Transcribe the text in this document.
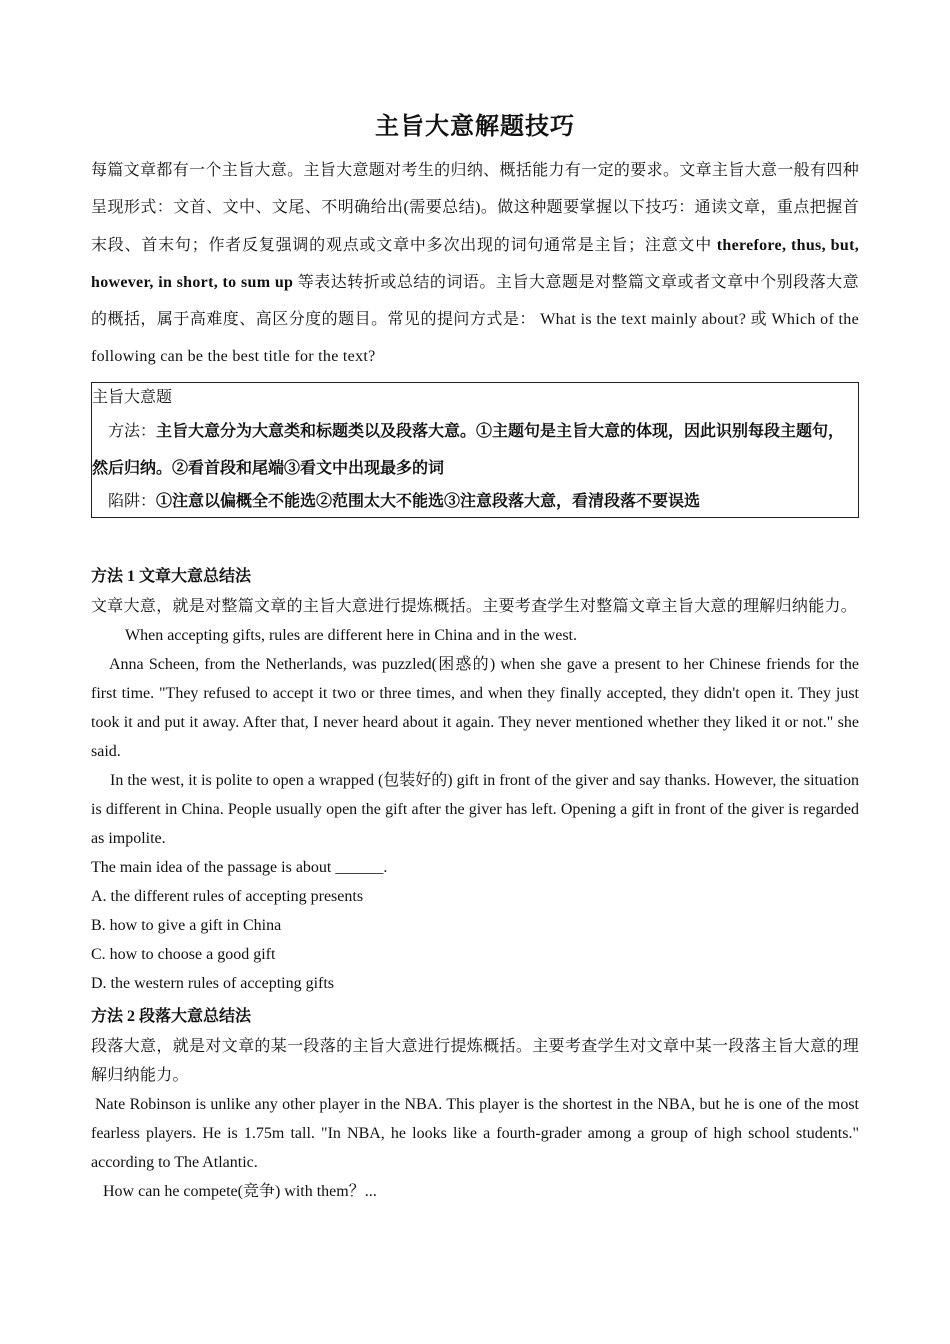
主旨大意解题技巧

每篇文章都有一个主旨大意。主旨大意题对考生的归纳、概括能力有一定的要求。文章主旨大意一般有四种呈现形式：文首、文中、文尾、不明确给出(需要总结)。做这种题要掌握以下技巧：通读文章，重点把握首末段、首末句；作者反复强调的观点或文章中多次出现的词句通常是主旨；注意文中 therefore, thus, but, however, in short, to sum up 等表达转折或总结的词语。主旨大意题是对整篇文章或者文章中个别段落大意的概括，属于高难度、高区分度的题目。常见的提问方式是： What is the text mainly about? 或 Which of the following can be the best title for the text?

主旨大意题
方法：主旨大意分为大意类和标题类以及段落大意。①主题句是主旨大意的体现，因此识别每段主题句，然后归纳。②看首段和尾端③看文中出现最多的词
陷阱：①注意以偏概全不能选②范围太大不能选③注意段落大意，看清段落不要误选
方法 1 文章大意总结法

文章大意，就是对整篇文章的主旨大意进行提炼概括。主要考查学生对整篇文章主旨大意的理解归纳能力。

When accepting gifts, rules are different here in China and in the west.

Anna Scheen, from the Netherlands, was puzzled(困惑的) when she gave a present to her Chinese friends for the first time. "They refused to accept it two or three times, and when they finally accepted, they didn't open it. They just took it and put it away. After that, I never heard about it again. They never mentioned whether they liked it or not." she said.

In the west, it is polite to open a wrapped (包装好的) gift in front of the giver and say thanks. However, the situation is different in China. People usually open the gift after the giver has left. Opening a gift in front of the giver is regarded as impolite.

The main idea of the passage is about ______.

A. the different rules of accepting presents

B. how to give a gift in China

C. how to choose a good gift

D. the western rules of accepting gifts

方法 2 段落大意总结法

段落大意，就是对文章的某一段落的主旨大意进行提炼概括。主要考查学生对文章中某一段落主旨大意的理解归纳能力。

Nate Robinson is unlike any other player in the NBA. This player is the shortest in the NBA, but he is one of the most fearless players. He is 1.75m tall. "In NBA, he looks like a fourth-grader among a group of high school students." according to The Atlantic.

How can he compete(竞争) with them？...
